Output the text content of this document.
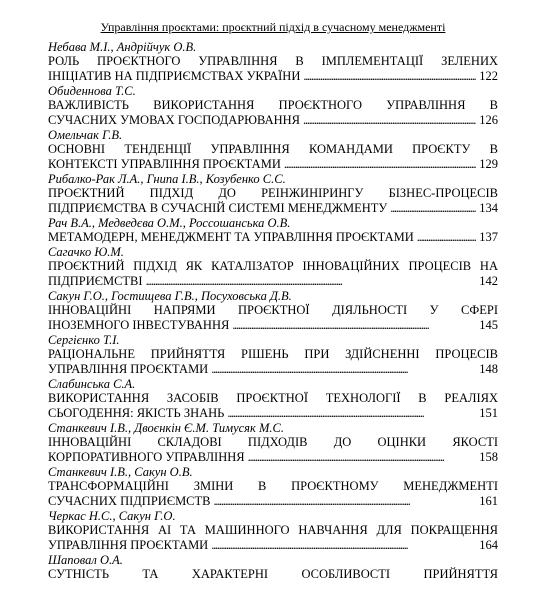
Управління проєктами: проєктний підхід в сучасному менеджменті
Небава М.І., Андрійчук О.В.
РОЛЬ ПРОЄКТНОГО УПРАВЛІННЯ В ІМПЛЕМЕНТАЦІЇ ЗЕЛЕНИХ
ІНІЦІАТИВ НА ПІДПРИЄМСТВАХ УКРАЇНИ . . .	122
Обиденнова Т.С.
ВАЖЛИВІСТЬ ВИКОРИСТАННЯ ПРОЄКТНОГО УПРАВЛІННЯ В
СУЧАСНИХ УМОВАХ ГОСПОДАРЮВАННЯ . . .	126
Омельчак Г.В.
ОСНОВНІ ТЕНДЕНЦІЇ УПРАВЛІННЯ КОМАНДАМИ ПРОЄКТУ В
КОНТЕКСТІ УПРАВЛІННЯ ПРОЄКТАМИ . . .	129
Рибалко-Рак Л.А., Гнипа І.В., Козубенко С.С.
ПРОЄКТНИЙ ПІДХІД ДО РЕІНЖИНІРИНГУ БІЗНЕС-ПРОЦЕСІВ
ПІДПРИЄМСТВА В СУЧАСНІЙ СИСТЕМІ МЕНЕДЖМЕНТУ . . .	134
Рач В.А., Медведєва О.М., Россошанська О.В.
МЕТАМОДЕРН, МЕНЕДЖМЕНТ ТА УПРАВЛІННЯ ПРОЄКТАМИ . . .	137
Сагачко Ю.М.
ПРОЄКТНИЙ ПІДХІД ЯК КАТАЛІЗАТОР ІННОВАЦІЙНИХ ПРОЦЕСІВ НА
ПІДПРИЄМСТВІ . . .	142
Сакун Г.О., Гостищева Г.В., Посуховська Д.В.
ІННОВАЦІЙНІ НАПРЯМИ ПРОЄКТНОЇ ДІЯЛЬНОСТІ У СФЕРІ
ІНОЗЕМНОГО ІНВЕСТУВАННЯ . . .	145
Сергієнко Т.І.
РАЦІОНАЛЬНЕ ПРИЙНЯТТЯ РІШЕНЬ ПРИ ЗДІЙСНЕННІ ПРОЦЕСІВ
УПРАВЛІННЯ ПРОЄКТАМИ . . .	148
Слабинська С.А.
ВИКОРИСТАННЯ ЗАСОБІВ ПРОЄКТНОЇ ТЕХНОЛОГІЇ В РЕАЛІЯХ
СЬОГОДЕННЯ: ЯКІСТЬ ЗНАНЬ . . .	151
Станкевич І.В., Двоєнкін Є.М. Тимусяк М.С.
ІННОВАЦІЙНІ СКЛАДОВІ ПІДХОДІВ ДО ОЦІНКИ ЯКОСТІ
КОРПОРАТИВНОГО УПРАВЛІННЯ . . .	158
Станкевич І.В., Сакун О.В.
ТРАНСФОРМАЦІЙНІ ЗМІНИ В ПРОЄКТНОМУ МЕНЕДЖМЕНТІ
СУЧАСНИХ ПІДПРИЄМСТВ . . .	161
Черкас Н.С., Сакун Г.О.
ВИКОРИСТАННЯ АІ ТА МАШИННОГО НАВЧАННЯ ДЛЯ ПОКРАЩЕННЯ
УПРАВЛІННЯ ПРОЄКТАМИ . . .	164
Шаповал О.А.
СУТНІСТЬ ТА ХАРАКТЕРНІ ОСОБЛИВОСТІ ПРИЙНЯТТЯ
